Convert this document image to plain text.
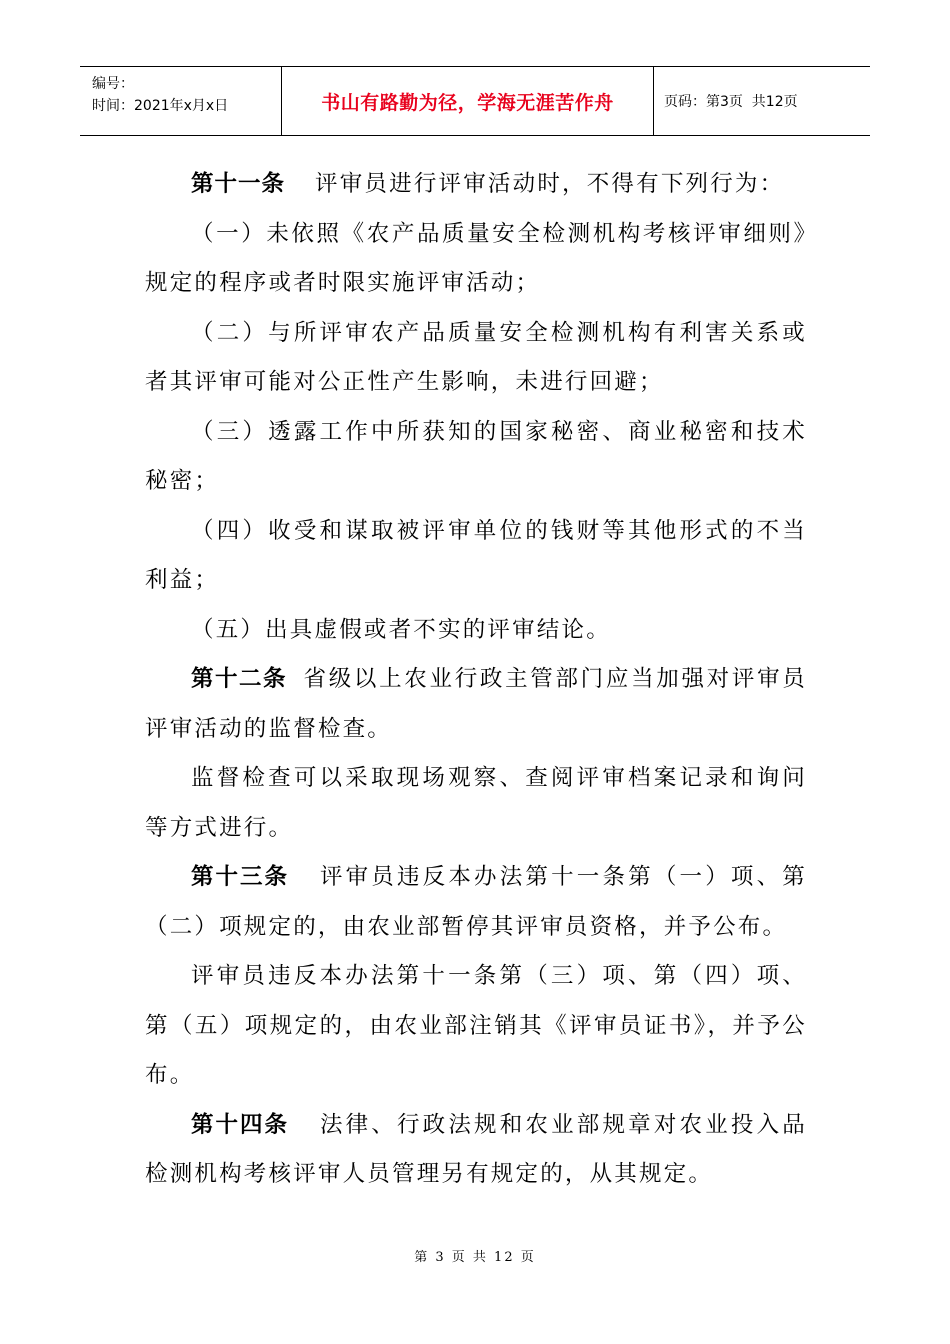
编号：
时间：2021年x月x日	书山有路勤为径，学海无涯苦作舟	页码：第3页  共12页

第十一条 评审员进行评审活动时，不得有下列行为：

（一）未依照《农产品质量安全检测机构考核评审细则》规定的程序或者时限实施评审活动；

（二）与所评审农产品质量安全检测机构有利害关系或者其评审可能对公正性产生影响，未进行回避；

（三）透露工作中所获知的国家秘密、商业秘密和技术秘密；

（四）收受和谋取被评审单位的钱财等其他形式的不当利益；

（五）出具虚假或者不实的评审结论。

第十二条 省级以上农业行政主管部门应当加强对评审员评审活动的监督检查。

监督检查可以采取现场观察、查阅评审档案记录和询问等方式进行。

第十三条 评审员违反本办法第十一条第（一）项、第（二）项规定的，由农业部暂停其评审员资格，并予公布。

评审员违反本办法第十一条第（三）项、第（四）项、第（五）项规定的，由农业部注销其《评审员证书》，并予公布。

第十四条 法律、行政法规和农业部规章对农业投入品检测机构考核评审人员管理另有规定的，从其规定。

第 3 页 共 12 页
